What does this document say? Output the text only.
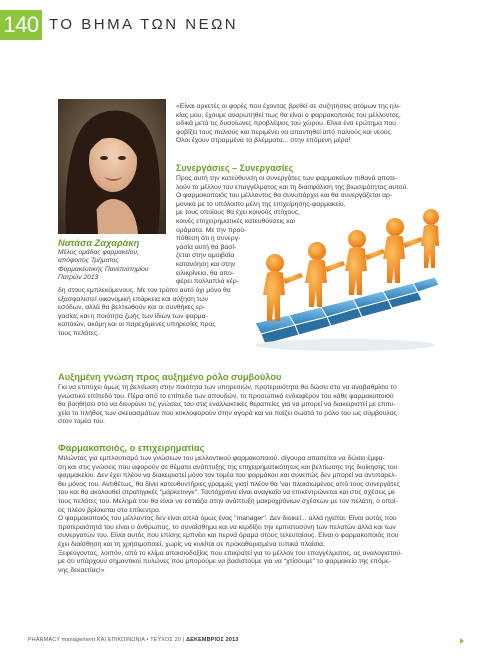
140 ΤΟ ΒΗΜΑ ΤΩΝ ΝΕΩΝ
Νατάσα Ζαχαράκη
Μέλος ομάδας φαρμακείου,
απόφοιτος Τμήματος
Φαρμακευτικής Πανεπιστημίου
Πατρών 2013
«Είναι αρκετές οι φορές που έχοντας βρεθεί σε συζητήσεις ατόμων της ηλι-
κίας μου, έχουμε αναρωτηθεί πως θα είναι ο φαρμακοποιός του μέλλοντος,
ειδικά μετά τις δυσοίωνες προβλέψεις του χώρου. Είναι ένα ερώτημα που
φοβίζει τους παλιούς και περιμένει να απαντηθεί από παλιούς και νέους.
Όλοι έχουν στραμμένα τα βλέμματα... στην επόμενη μέρα!
Συνεργάσιες – Συνεργασίες
Προς αυτή την κατεύθυνση οι συνεργάτες των φαρμακείων πιθανά αποτε-
λούν το μέλλον του επαγγέλματος και τη διασφάλιση της βιωσιμότητας αυτού.
Ο φαρμακοποιός του μέλλοντος θα συνυπάρχει και θα συνεργάζεται αρ-
μονικά με το υπόλοιπο μέλη της επιχείρησης-φαρμακείο,
με τους οποίους θα έχει κοινούς στόχους,
κοινές επιχειρηματικές κατευθύνσεις και
οράματα. Με την προϋ-
πόθεση ότι η συνεργ-
γασία αυτή θα βασί-
ζεται στην αμοιβαία
κατανόηση και στην
ειλικρίνεια, θα απο-
φέρει πολλαπλά κέρ-
δη στους εμπλεκόμενους. Με τον τρόπο αυτό όχι μόνο θα
εξασφαλιστεί οικονομική επάρκεια και αύξηση των
εσόδων, αλλά θα βελτιωθούν και οι συνθήκες ερ-
γασίας και η ποιότητα ζωής των ίδιων των φαρμα-
κοποιών, ακόμη και οι παρεχόμενες υπηρεσίες προς
τους πελάτες.
Αυξημένη γνώση προς αυξημένο ρόλο συμβούλου
Για να επιτύχει όμως τη βελτίωση στην ποιότητα των υπηρεσιών, προτεραιότητα θα δώσει στο να αναβαθμίσει το
γνωστικό επίπεδό του. Πέρα από το επίπεδο των σπουδών, το προσωπικό ενδιαφέρον του κάθε φαρμακοποιού
θα βοηθήσει στο να διευρύνει τις γνώσεις του στις εναλλακτικές θεραπείες για να μπορεί να διακειριστεί με επιτυ-
χεία το πλήθος των σκευασμάτων που κυκλοφορούν στην αγορά και να παίζει σωστά το ρόλο του ως σύμβουλος
στον τομέα του.
Φαρμακοποιός, ο επιχειρηματίας
Μιλώντας για εμπλουτισμό των γνώσεων του μελλοντικού φαρμακοποιού, σίγουρα απαιτείται να δώσει έμφα-
ση και στις γνώσεις που αφορούν σε θέματα ανάπτυξης της επιχειρηματικότητας και βελτίωσης της διοίκησης του
φαρμακείου. Δεν έχει πλέον να διακειριστεί μόνο τον τομέα του φαρμάκου και συνεπώς δεν μπορεί να αντιπαρελ-
θει μόνος του. Αντιθέτως, θα δίνει κατευθυντήριες γραμμές γιατί πλέον θα ’ναι πλαισιωμένος από τους συνεργάτες
του και θα ακολουθεί στρατηγικές "μάρκετινγκ". Ταυτόχρονα είναι αναγκαίο να επικεντρώνεται και στις σχέσεις με
τους πελάτες του. Μελημά του θα είναι να εστιάζει στην ανάπτυξη μακροχρόνιων σχέσεων με τον πελάτη, ο οποί-
ος πλέον βρίσκεται στο επίκεντρο.
Ο φαρμακοποιός του μέλλοντος δεν είναι απλά όμως ένας "manager". Δεν διοικεί... αλλά ηγείται. Είναι αυτός που
προτεραιότητά του είναι ο άνθρωπος, το συναίσθημα και να κερδίζει την εμπιστοσύνη των πελατών αλλά και των
συνεργατών του. Είναι αυτός που επίσης εμπνέει και περνά όραμα στους τελευταίους. Είναι ο φαρμακοποιός που
έχει διαίσθηση και τη χρησιμοποιεί, χωρίς να κινείται σε προκαθορισμένα τυπικά πλαίσια.
Ξεφεύγοντας, λοιπόν, από το κλίμα απαισιοδοξίας που επικρατεί για το μέλλον του επαγγέλματος, ας αναλογιστού-
με ότι υπάρχουν σημαντικοί πυλώνες που μπορούμε να βασιστούμε για να "χτίσουμε" το φαρμακείο της επόμε-
νης δεκαετίας!»
PHARMACY management ΚΑΙ ΕΠΙΚΟΙΝΩΝΙΑ • ΤΕΥΧΟΣ 20 | ΔΕΚΕΜΒΡΙΟΣ 2013
